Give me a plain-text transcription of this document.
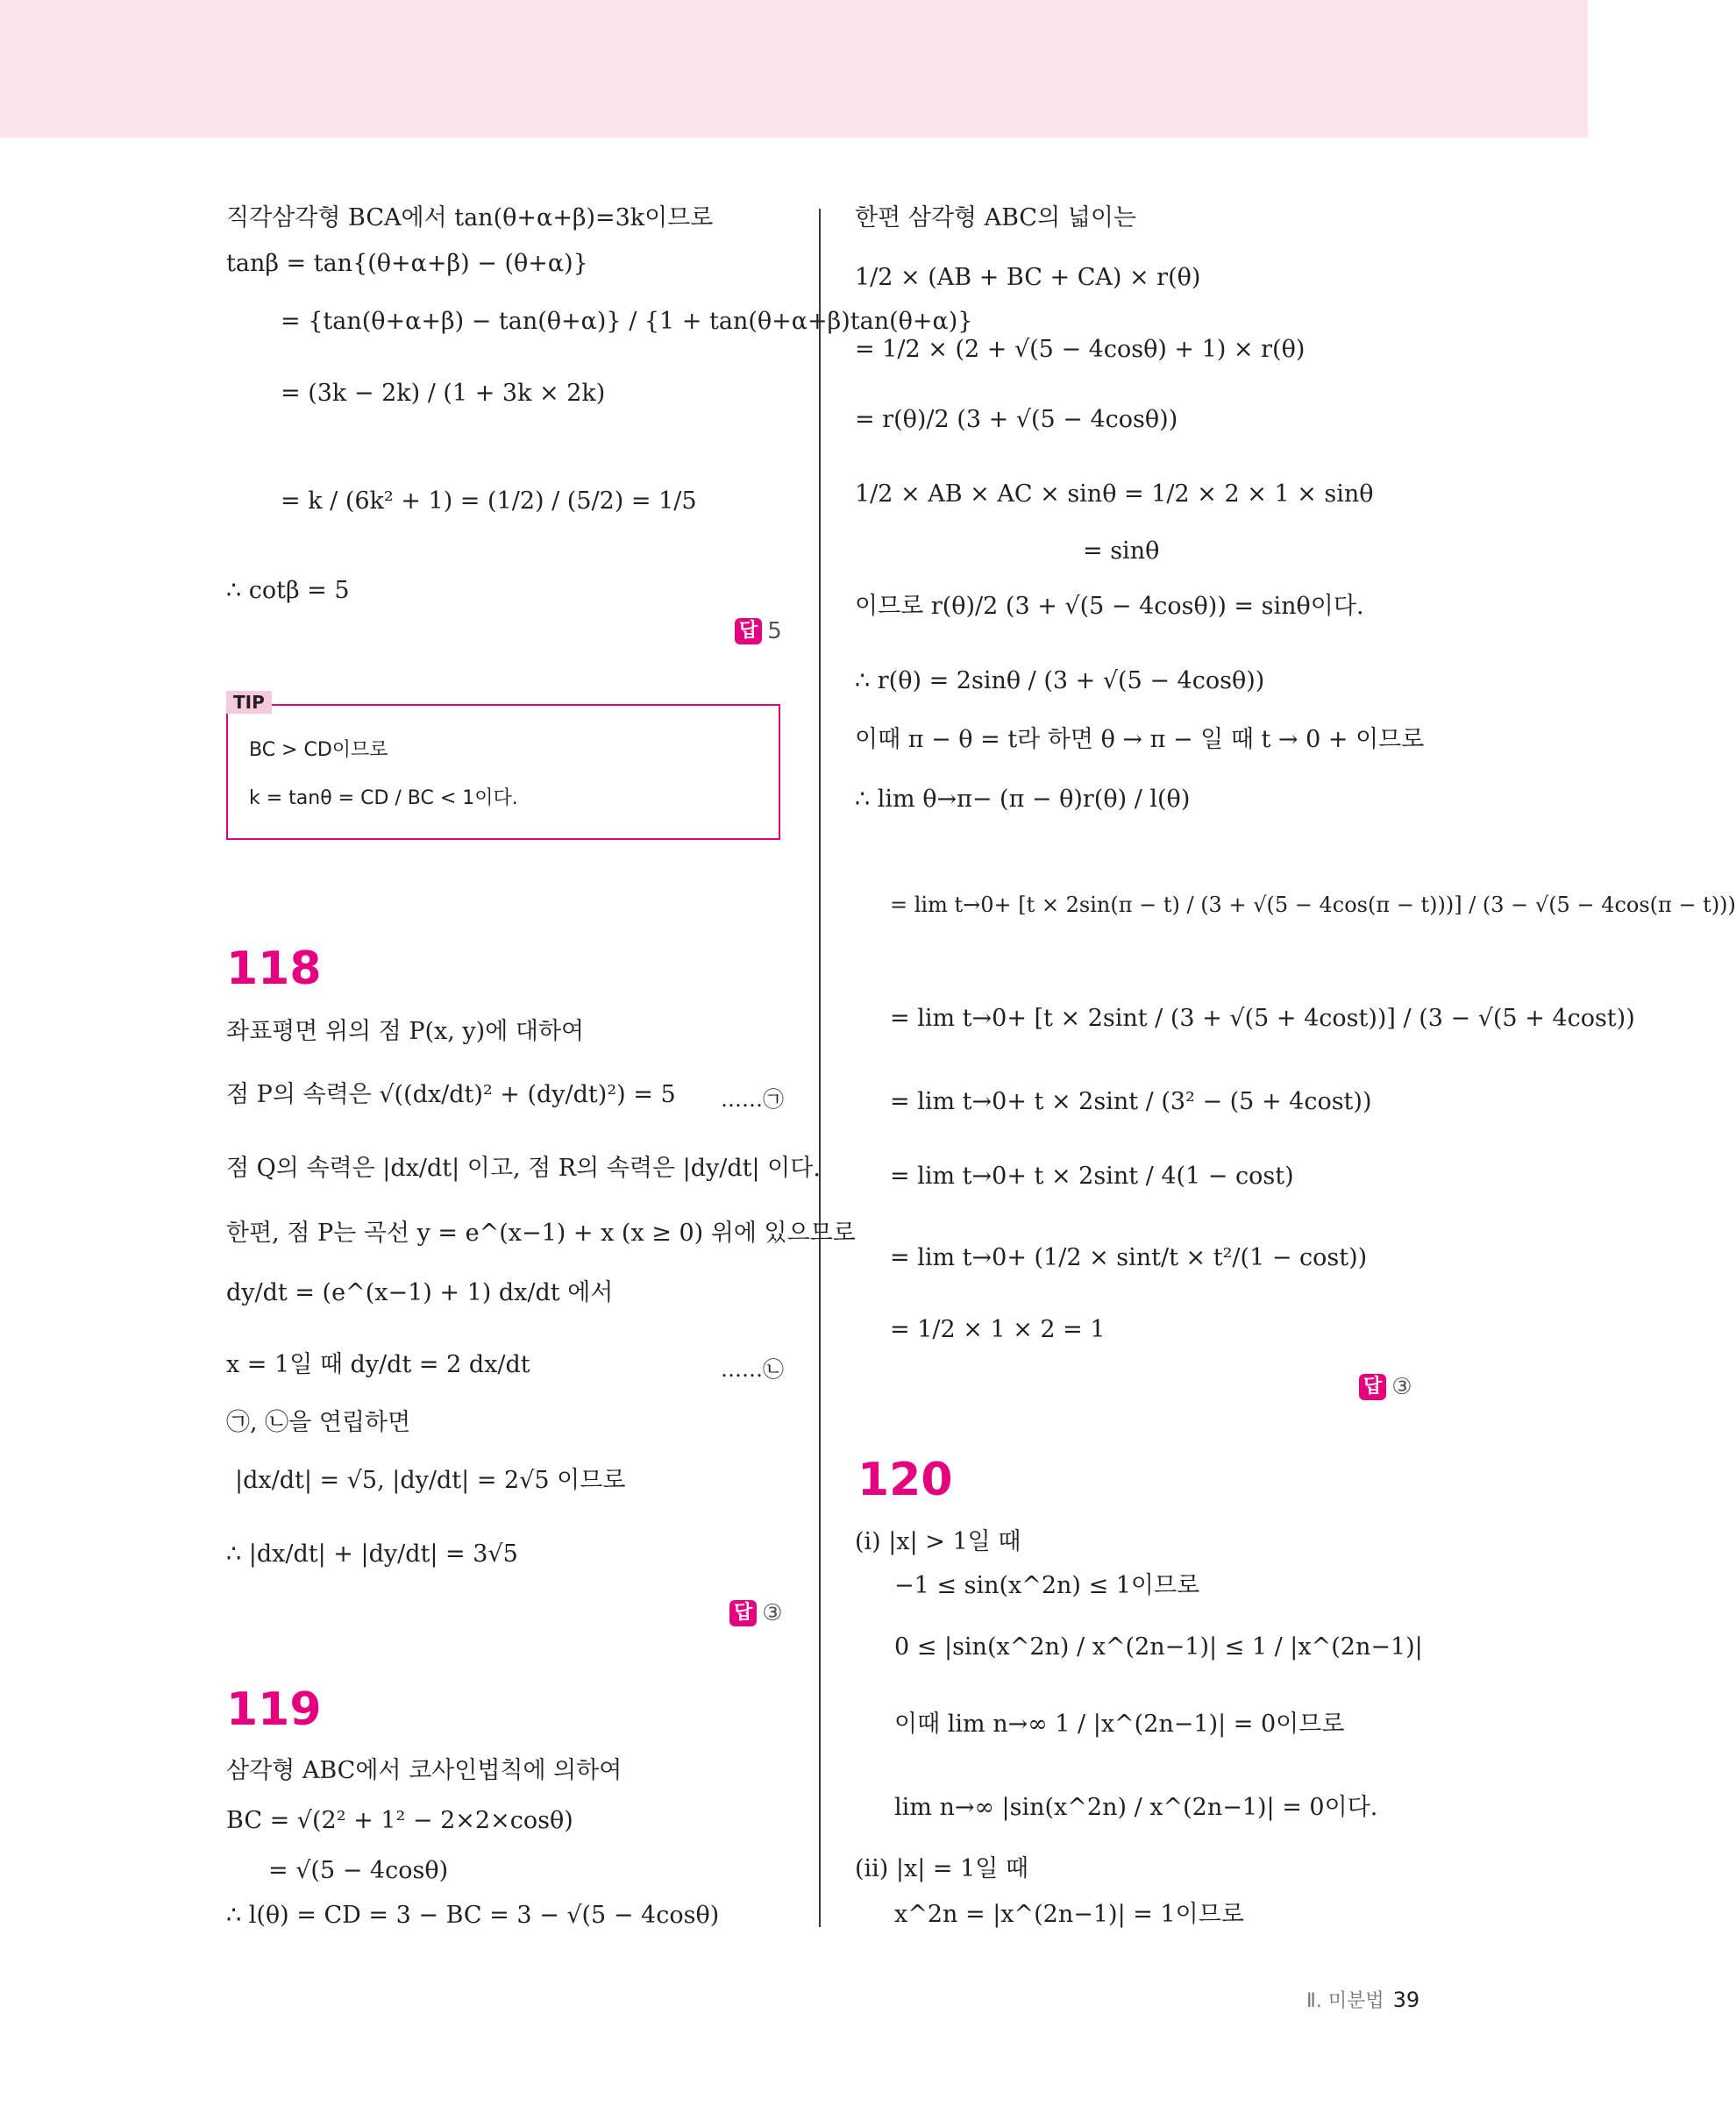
직각삼각형 BCA에서 tan(θ+α+β)=3k이므로
tanβ = tan{(θ+α+β) − (θ+α)}
= {tan(θ+α+β) − tan(θ+α)} / {1 + tan(θ+α+β)tan(θ+α)}
= (3k − 2k) / (1 + 3k × 2k)
= k / (6k² + 1) = (1/2) / (5/2) = 1/5
∴ cotβ = 5
답 5
TIP
BC > CD이므로
k = tanθ = CD / BC < 1이다.
118
좌표평면 위의 점 P(x, y)에 대하여
점 P의 속력은 √((dx/dt)² + (dy/dt)²) = 5 ……㉠
점 Q의 속력은 |dx/dt| 이고, 점 R의 속력은 |dy/dt| 이다.
한편, 점 P는 곡선 y = e^(x−1) + x (x ≥ 0) 위에 있으므로
dy/dt = (e^(x−1) + 1) dx/dt 에서
x = 1일 때 dy/dt = 2 dx/dt	……㉡
㉠, ㉡을 연립하면
|dx/dt| = √5, |dy/dt| = 2√5 이므로
∴ |dx/dt| + |dy/dt| = 3√5
답 ③
119
삼각형 ABC에서 코사인법칙에 의하여
BC = √(2² + 1² − 2×2×cosθ)
= √(5 − 4cosθ)
∴ l(θ) = CD = 3 − BC = 3 − √(5 − 4cosθ)
한편 삼각형 ABC의 넓이는
1/2 × (AB + BC + CA) × r(θ)
= 1/2 × (2 + √(5 − 4cosθ) + 1) × r(θ)
= r(θ)/2 (3 + √(5 − 4cosθ))
1/2 × AB × AC × sinθ = 1/2 × 2 × 1 × sinθ
= sinθ
이므로 r(θ)/2 (3 + √(5 − 4cosθ)) = sinθ이다.
∴ r(θ) = 2sinθ / (3 + √(5 − 4cosθ))
이때 π − θ = t라 하면 θ → π − 일 때 t → 0 + 이므로
∴ lim θ→π− (π − θ)r(θ) / l(θ)
= lim t→0+ [t × 2sin(π − t) / (3 + √(5 − 4cos(π − t)))] / (3 − √(5 − 4cos(π − t)))
= lim t→0+ [t × 2sint / (3 + √(5 + 4cost))] / (3 − √(5 + 4cost))
= lim t→0+ t × 2sint / (3² − (5 + 4cost))
= lim t→0+ t × 2sint / 4(1 − cost)
= lim t→0+ (1/2 × sint/t × t²/(1 − cost))
= 1/2 × 1 × 2 = 1
답 ③
120
(i) |x| > 1일 때
−1 ≤ sin(x^2n) ≤ 1이므로
0 ≤ |sin(x^2n) / x^(2n−1)| ≤ 1 / |x^(2n−1)|
이때 lim n→∞ 1 / |x^(2n−1)| = 0이므로
lim n→∞ |sin(x^2n) / x^(2n−1)| = 0이다.
(ii) |x| = 1일 때
x^2n = |x^(2n−1)| = 1이므로
Ⅱ. 미분법 39
